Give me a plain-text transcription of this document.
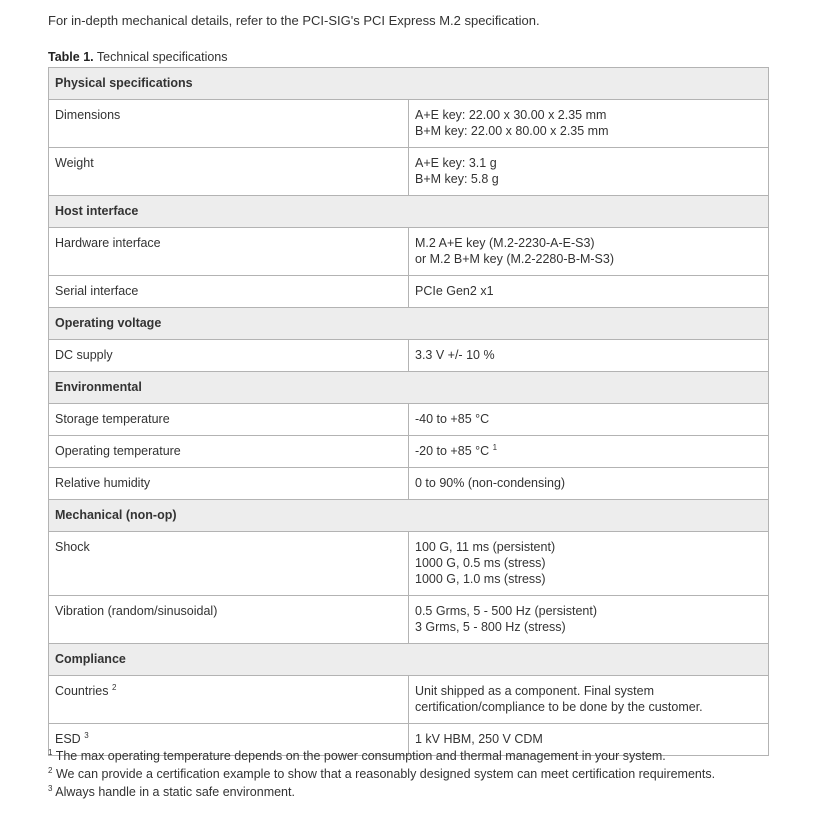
For in-depth mechanical details, refer to the PCI-SIG's PCI Express M.2 specification.
Table 1. Technical specifications
Physical specifications	
Dimensions	A+E key: 22.00 x 30.00 x 2.35 mm
B+M key: 22.00 x 80.00 x 2.35 mm

Weight	A+E key: 3.1 g
B+M key: 5.8 g

Host interface	
Hardware interface	M.2 A+E key (M.2-2230-A-E-S3)
or M.2 B+M key (M.2-2280-B-M-S3)

Serial interface	PCIe Gen2 x1

Operating voltage	
DC supply	3.3 V +/- 10 %

Environmental	
Storage temperature	-40 to +85 °C

Operating temperature	-20 to +85 °C $^1$

Relative humidity	0 to 90% (non-condensing)

Mechanical (non-op)	
Shock	100 G, 11 ms (persistent)
1000 G, 0.5 ms (stress)
1000 G, 1.0 ms (stress)

Vibration (random/sinusoidal)	0.5 Grms, 5 - 500 Hz (persistent)
3 Grms, 5 - 800 Hz (stress)

Compliance	
Countries $^2$	Unit shipped as a component. Final system certification/compliance to be done by the customer.

ESD $^3$	1 kV HBM, 250 V CDM
$^1$ The max operating temperature depends on the power consumption and thermal management in your system.
$^2$ We can provide a certification example to show that a reasonably designed system can meet certification requirements.
$^3$ Always handle in a static safe environment.
